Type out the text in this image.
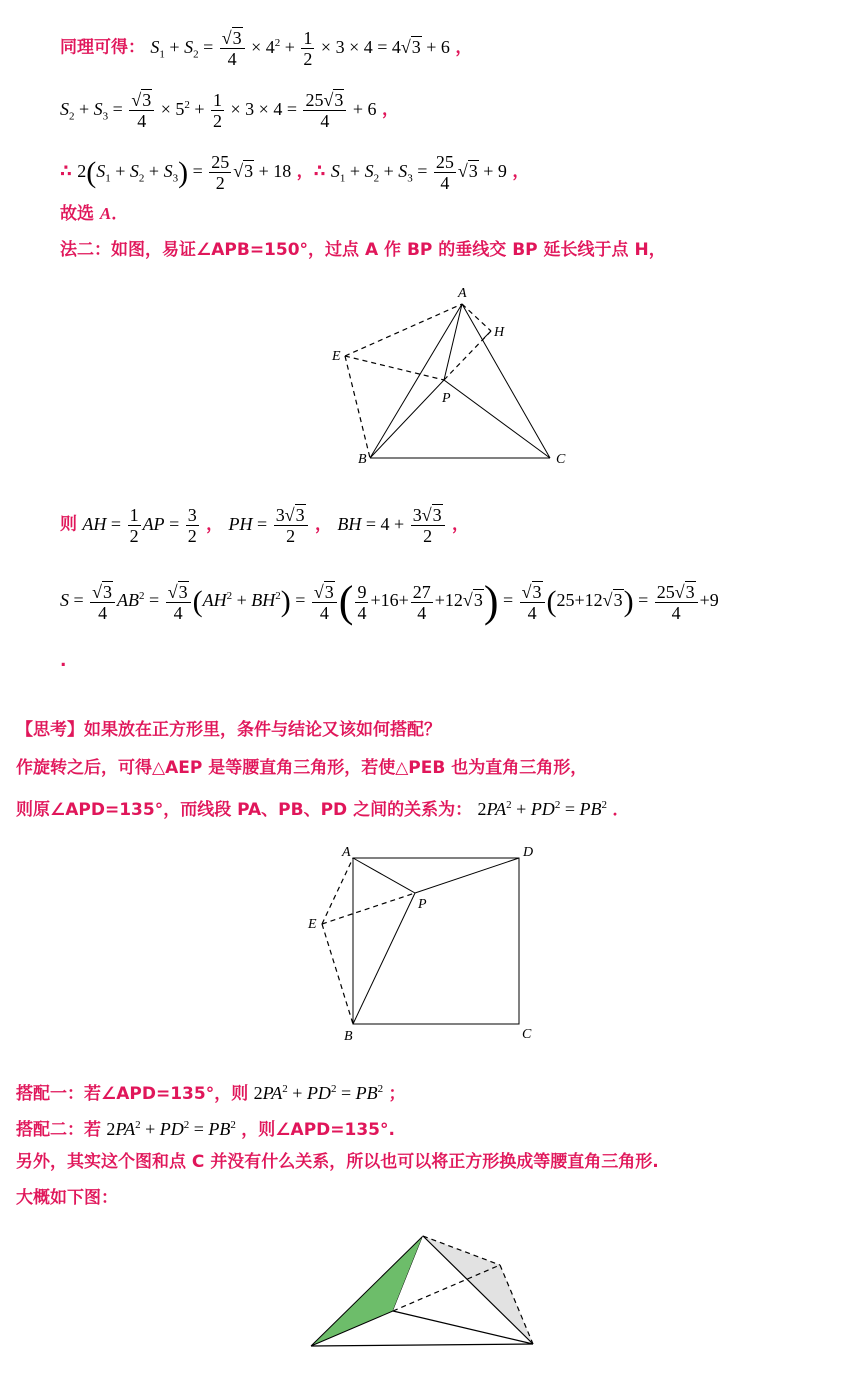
同理可得： $S_1 + S_2 = \frac{√3}{4} \times 4^2 + \frac{1}{2} \times 3 \times 4 = 4√3 + 6$ ，
$S_2 + S_3 = \frac{√3}{4} \times 5^2 + \frac{1}{2} \times 3 \times 4 = \frac{25√3}{4} + 6$ ，
∴ $2(S_1 + S_2 + S_3) = \frac{25}{2} √3 + 18$ ，∴ $S_1 + S_2 + S_3 = \frac{25}{4} √3 + 9$ ，
故选 A．
法二：如图，易证∠APB=150°，过点 A 作 BP 的垂线交 BP 延长线于点 H，
A
H
E
P
B	C
则 AH = $\frac{1}{2}$ AP = $\frac{3}{2}$ ， PH = $\frac{3√3}{2}$ ， BH = $4 + \frac{3√3}{2}$ ，
$S = \frac{√3}{4} AB^2 = \frac{√3}{4} (AH^2 + BH^2) = \frac{√3}{4}$ ( $\frac{9}{4} +16+ \frac{27}{4} +12√3) = \frac{√3}{4} (25+12√3) = \frac{25√3}{4} +9$
.
【思考】如果放在正方形里，条件与结论又该如何搭配？
作旋转之后，可得△AEP 是等腰直角三角形，若使△PEB 也为直角三角形，
则原∠APD=135°，而线段 PA、PB、PD 之间的关系为： $2PA^2 + PD^2 = PB^2$ ．
A	D
E
P
B	C
搭配一：若∠APD=135°，则 $2PA^2 + PD^2 = PB^2$ ；
搭配二：若 $2PA^2 + PD^2 = PB^2$ ，则∠APD=135°.
另外，其实这个图和点 C 并没有什么关系，所以也可以将正方形换成等腰直角三角形.
大概如下图：
